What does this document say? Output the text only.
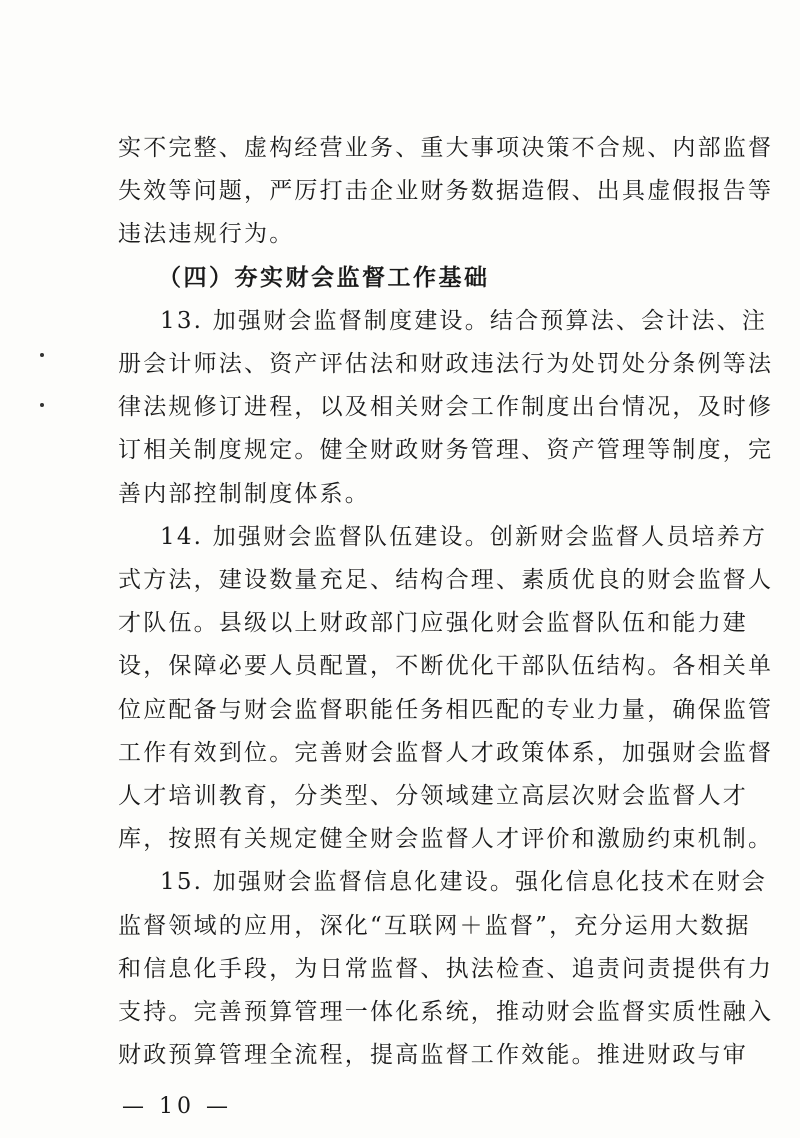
实不完整、虚构经营业务、重大事项决策不合规、内部监督
失效等问题，严厉打击企业财务数据造假、出具虚假报告等
违法违规行为。
（四）夯实财会监督工作基础
13. 加强财会监督制度建设。结合预算法、会计法、注
册会计师法、资产评估法和财政违法行为处罚处分条例等法
律法规修订进程，以及相关财会工作制度出台情况，及时修
订相关制度规定。健全财政财务管理、资产管理等制度，完
善内部控制制度体系。
14. 加强财会监督队伍建设。创新财会监督人员培养方
式方法，建设数量充足、结构合理、素质优良的财会监督人
才队伍。县级以上财政部门应强化财会监督队伍和能力建
设，保障必要人员配置，不断优化干部队伍结构。各相关单
位应配备与财会监督职能任务相匹配的专业力量，确保监管
工作有效到位。完善财会监督人才政策体系，加强财会监督
人才培训教育，分类型、分领域建立高层次财会监督人才
库，按照有关规定健全财会监督人才评价和激励约束机制。
15. 加强财会监督信息化建设。强化信息化技术在财会
监督领域的应用，深化“互联网＋监督”，充分运用大数据
和信息化手段，为日常监督、执法检查、追责问责提供有力
支持。完善预算管理一体化系统，推动财会监督实质性融入
财政预算管理全流程，提高监督工作效能。推进财政与审
— 10 —
